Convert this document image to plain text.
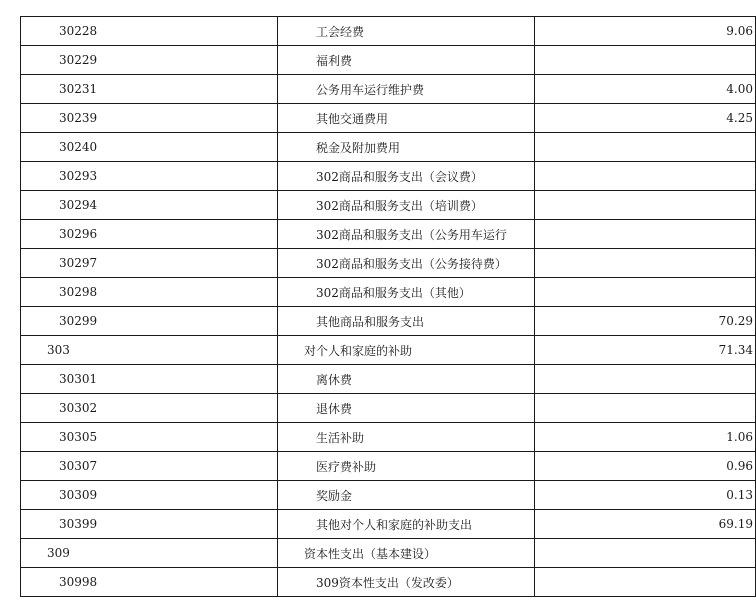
30228	工会经费	9.06
30229	福利费	
30231	公务用车运行维护费	4.00
30239	其他交通费用	4.25
30240	税金及附加费用	
30293	302商品和服务支出（会议费）	
30294	302商品和服务支出（培训费）	
30296	302商品和服务支出（公务用车运行	
30297	302商品和服务支出（公务接待费）	
30298	302商品和服务支出（其他）	
30299	其他商品和服务支出	70.29
303	对个人和家庭的补助	71.34
30301	离休费	
30302	退休费	
30305	生活补助	1.06
30307	医疗费补助	0.96
30309	奖励金	0.13
30399	其他对个人和家庭的补助支出	69.19
309	资本性支出（基本建设）	
30998	309资本性支出（发改委）	
